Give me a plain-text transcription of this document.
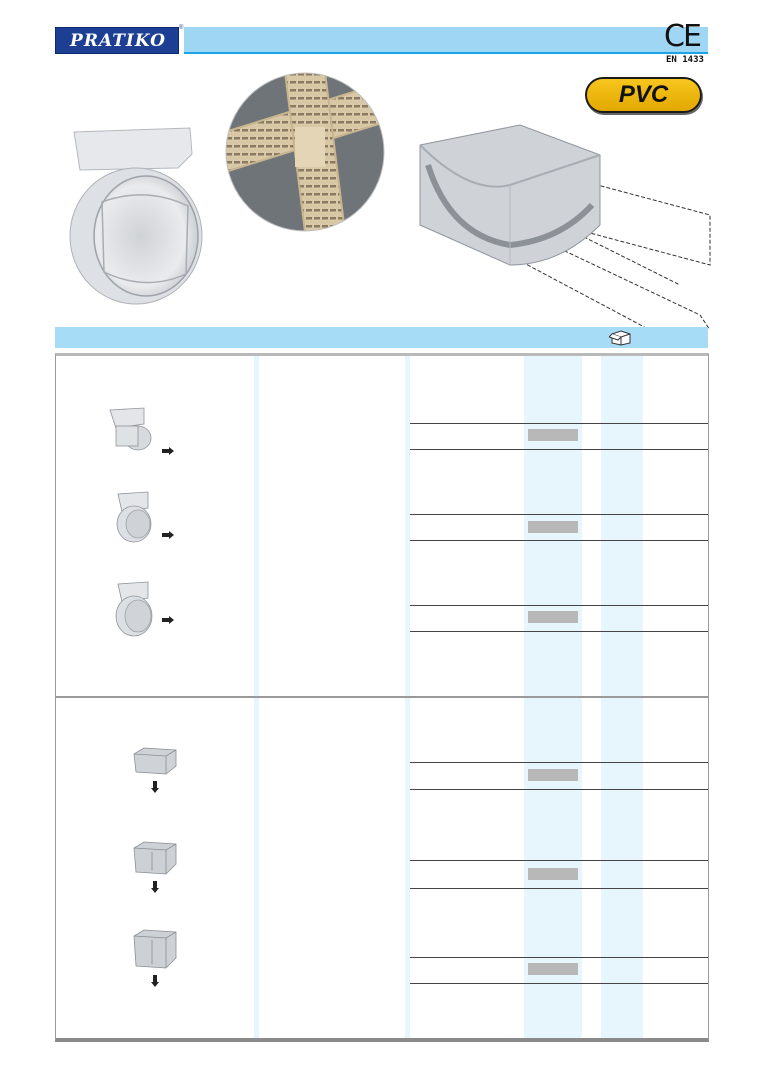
PRATIKO
®	CE
EN 1433
PVC
